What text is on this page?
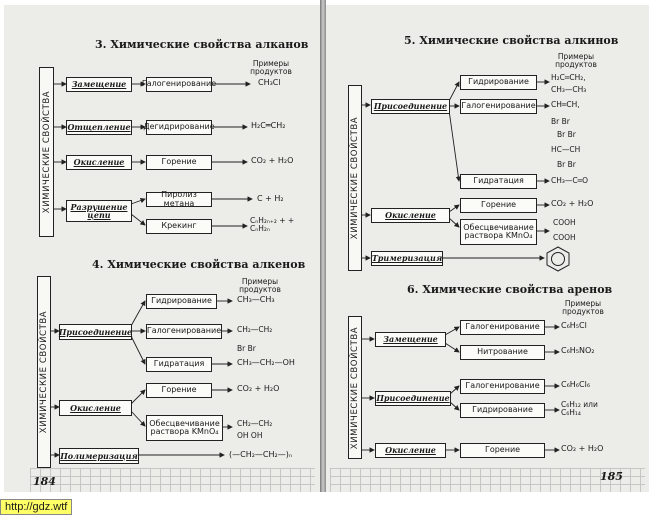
3. Химические свойства алканов
ХИМИЧЕСКИЕ СВОЙСТВА
Примеры продуктов
Замещение
Отщепление
Окисление
Разрушение цепи
Галогенирование
Дегидрирование
Горение
Пиролиз метана
Крекинг
CH₃Cl
H₂C═CH₂
CO₂ + H₂O
C + H₂
CₙH₂ₙ₊₂ + + CₙH₂ₙ
4. Химические свойства алкенов
ХИМИЧЕСКИЕ СВОЙСТВА
Примеры продуктов
Присоединение
Окисление
Полимеризация
Гидрирование
Галогенирование
Гидратация
Горение
Обесцвечивание раствора KMnO₄
CH₃—CH₃
CH₂—CH₂
Br Br
CH₃—CH₂—OH
CO₂ + H₂O
CH₂—CH₂
OH OH
(—CH₂—CH₂—)ₙ
184
5. Химические свойства алкинов
ХИМИЧЕСКИЕ СВОЙСТВА
Примеры продуктов
Присоединение
Окисление
Тримеризация
Гидрирование
Галогенирование
Гидратация
Горение
Обесцвечивание раствора KMnO₄
H₂C═CH₂,
CH₃—CH₃
CH═CH,
Br Br
Br Br
HC—CH
Br Br
CH₃—C═O
CO₂ + H₂O
COOH
COOH
6. Химические свойства аренов
ХИМИЧЕСКИЕ СВОЙСТВА
Примеры продуктов
Замещение
Присоединение
Окисление
Галогенирование
Нитрование
Галогенирование
Гидрирование
Горение
C₆H₅Cl
C₆H₅NO₂
C₆H₆Cl₆
C₆H₁₂ или C₆H₁₄
CO₂ + H₂O
185
http://gdz.wtf
